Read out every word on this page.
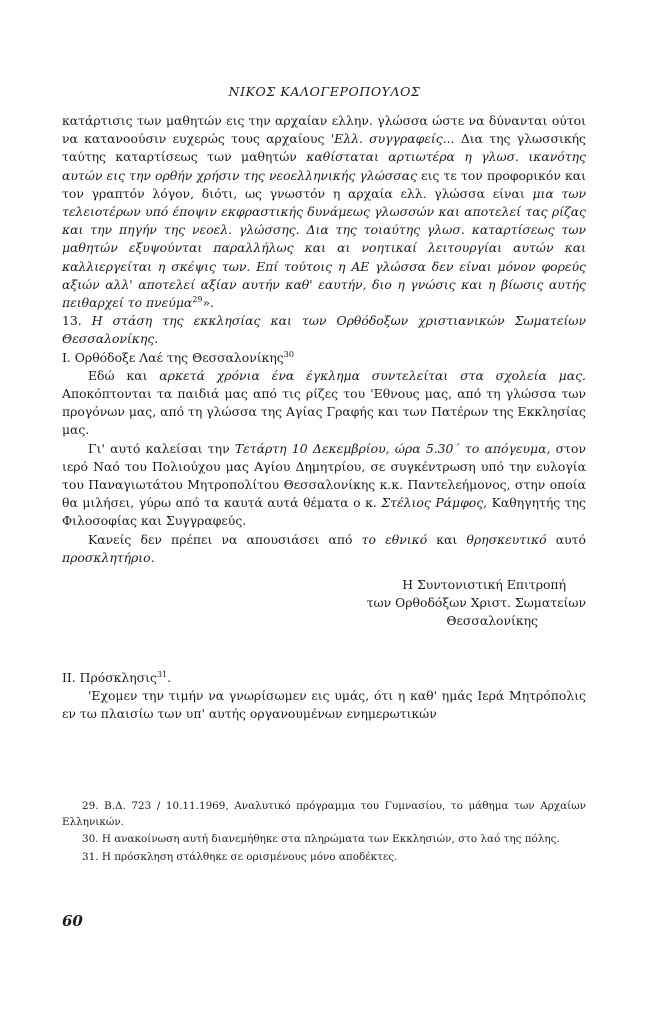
ΝΙΚΟΣ ΚΑΛΟΓΕΡΟΠΟΥΛΟΣ

κατάρτισις των μαθητών εις την αρχαίαν ελλην. γλώσσα ώστε να δύνανται ούτοι να κατανοούσιν ευχερώς τους αρχαίους 'Ελλ. συγγραφείς... Δια της γλωσσικής ταύτης καταρτίσεως των μαθητών καθίσταται αρτιωτέρα η γλωσ. ικανότης αυτών εις την ορθήν χρήσιν της νεοελληνικής γλώσσας εις τε τον προφορικόν και τον γραπτόν λόγον, διότι, ως γνωστόν η αρχαία ελλ. γλώσσα είναι μια των τελειοτέρων υπό έποψιν εκφραστικής δυνάμεως γλωσσών και αποτελεί τας ρίζας και την πηγήν της νεοελ. γλώσσης. Δια της τοιαύτης γλωσ. καταρτίσεως των μαθητών εξυψούνται παραλλήλως και αι νοητικαί λειτουργίαι αυτών και καλλιεργείται η σκέψις των. Επί τούτοις η ΑΕ γλώσσα δεν είναι μόνον φορεύς αξιών αλλ' αποτελεί αξίαν αυτήν καθ' εαυτήν, διο η γνώσις και η βίωσις αυτής πειθαρχεί το πνεύμα$^{29}$».

13. Η στάση της εκκλησίας και των Ορθόδοξων χριστιανικών Σωματείων Θεσσαλονίκης.

Ι. Ορθόδοξε Λαέ της Θεσσαλονίκης$^{30}$

Εδώ και αρκετά χρόνια ένα έγκλημα συντελείται στα σχολεία μας. Αποκόπτονται τα παιδιά μας από τις ρίζες του 'Εθνους μας, από τη γλώσσα των προγόνων μας, από τη γλώσσα της Αγίας Γραφής και των Πατέρων της Εκκλησίας μας.

Γι' αυτό καλείσαι την Τετάρτη 10 Δεκεμβρίου, ώρα 5.30΄ το απόγευμα, στον ιερό Ναό του Πολιούχου μας Αγίου Δημητρίου, σε συγκέντρωση υπό την ευλογία του Παναγιωτάτου Μητροπολίτου Θεσσαλονίκης κ.κ. Παντελεήμονος, στην οποία θα μιλήσει, γύρω από τα καυτά αυτά θέματα ο κ. Στέλιος Ράμφος, Καθηγητής της Φιλοσοφίας και Συγγραφεύς.

Κανείς δεν πρέπει να απουσιάσει από το εθνικό και θρησκευτικό αυτό προσκλητήριο.

Η Συντονιστική Επιτροπή
των Ορθοδόξων Χριστ. Σωματείων
Θεσσαλονίκης

ΙΙ. Πρόσκλησις$^{31}$.

'Εχομεν την τιμήν να γνωρίσωμεν εις υμάς, ότι η καθ' ημάς Ιερά Μητρόπολις εν τω πλαισίω των υπ' αυτής οργανουμένων ενημερωτικών

29. Β.Δ. 723 / 10.11.1969, Αναλυτικό πρόγραμμα του Γυμνασίου, το μάθημα των Αρχαίων Ελληνικών.

30. Η ανακοίνωση αυτή διανεμήθηκε στα πληρώματα των Εκκλησιών, στο λαό της πόλης.

31. Η πρόσκληση στάλθηκε σε ορισμένους μόνο αποδέκτες.

60
